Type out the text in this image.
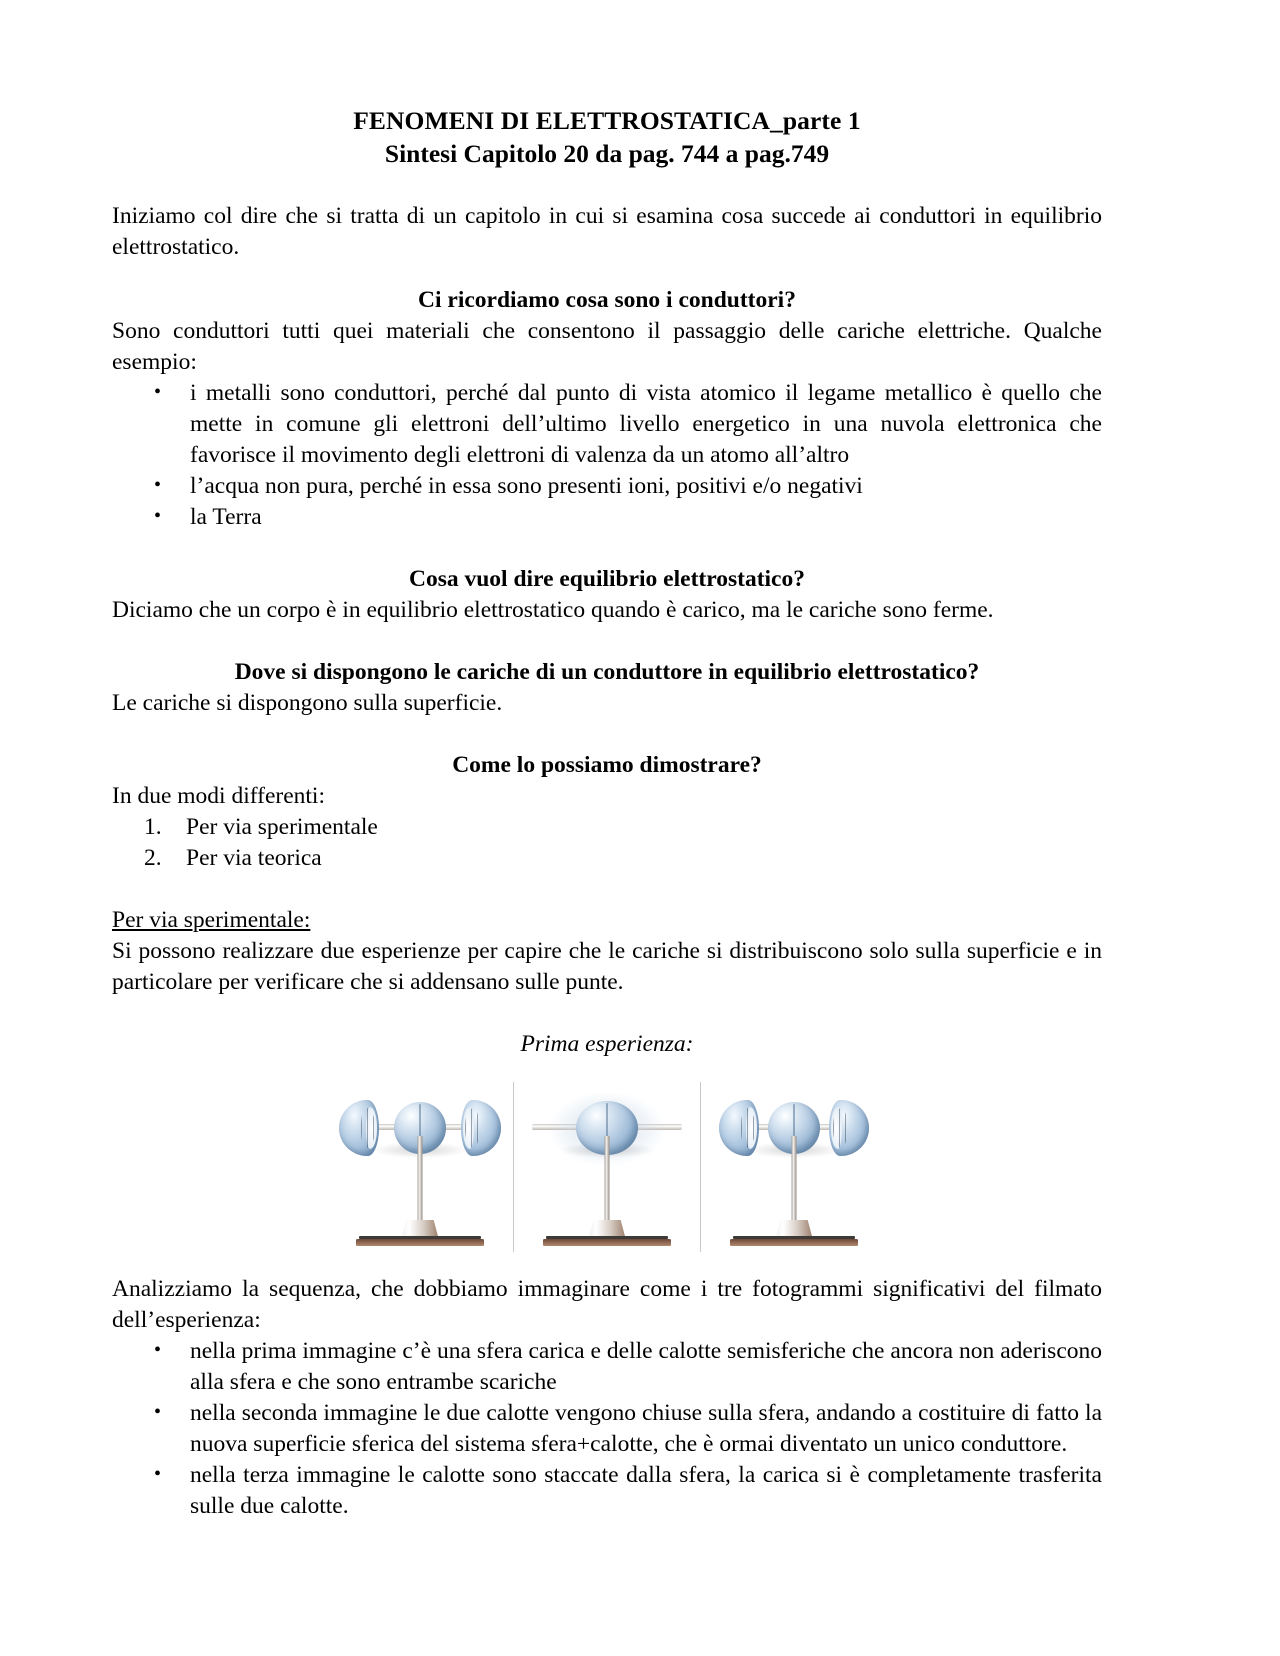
FENOMENI DI ELETTROSTATICA_parte 1
Sintesi Capitolo 20 da pag. 744 a pag.749

Iniziamo col dire che si tratta di un capitolo in cui si esamina cosa succede ai conduttori in equilibrio elettrostatico.

Ci ricordiamo cosa sono i conduttori?

Sono conduttori tutti quei materiali che consentono il passaggio delle cariche elettriche. Qualche esempio:

• i metalli sono conduttori, perché dal punto di vista atomico il legame metallico è quello che mette in comune gli elettroni dell’ultimo livello energetico in una nuvola elettronica che favorisce il movimento degli elettroni di valenza da un atomo all’altro
• l’acqua non pura, perché in essa sono presenti ioni, positivi e/o negativi
• la Terra
Cosa vuol dire equilibrio elettrostatico?

Diciamo che un corpo è in equilibrio elettrostatico quando è carico, ma le cariche sono ferme.

Dove si dispongono le cariche di un conduttore in equilibrio elettrostatico?

Le cariche si dispongono sulla superficie.

Come lo possiamo dimostrare?

In due modi differenti:

1. Per via sperimentale
2. Per via teorica
Per via sperimentale:

Si possono realizzare due esperienze per capire che le cariche si distribuiscono solo sulla superficie e in particolare per verificare che si addensano sulle punte.

Prima esperienza:

Analizziamo la sequenza, che dobbiamo immaginare come i tre fotogrammi significativi del filmato dell’esperienza:

• nella prima immagine c’è una sfera carica e delle calotte semisferiche che ancora non aderiscono alla sfera e che sono entrambe scariche
• nella seconda immagine le due calotte vengono chiuse sulla sfera, andando a costituire di fatto la nuova superficie sferica del sistema sfera+calotte, che è ormai diventato un unico conduttore.
• nella terza immagine le calotte sono staccate dalla sfera, la carica si è completamente trasferita sulle due calotte.
